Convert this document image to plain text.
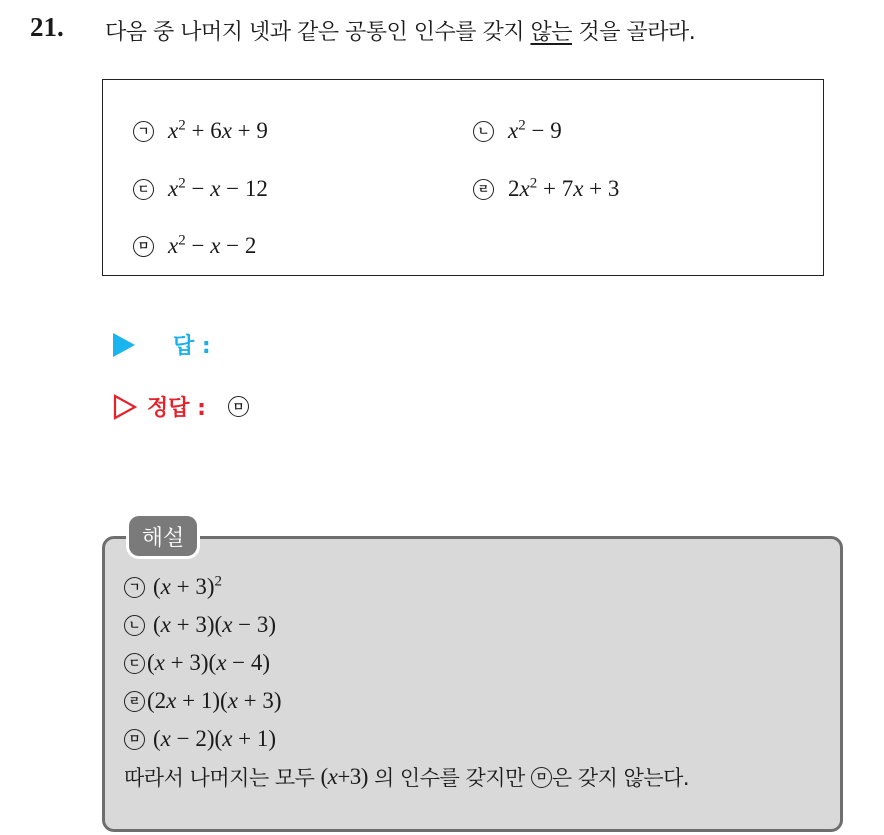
21. 다음 중 나머지 넷과 같은 공통인 인수를 갖지 않는 것을 골라라.
ㄱ $x^2 + 6x + 9$	ㄴ $x^2 - 9$
ㄷ $x^2 - x - 12$	ㄹ $2x^2 + 7x + 3$
ㅁ $x^2 - x - 2$
답 :
정답 :	ㅁ
해설
ㄱ $(x + 3)^2$
ㄴ (x + 3)(x − 3)
ㄷ (x + 3)(x − 4)
ㄹ (2x + 1)(x + 3)
ㅁ (x − 2)(x + 1)
따라서 나머지는 모두 (x+3) 의 인수를 갖지만 ㅁ 은 갖지 않는다.
